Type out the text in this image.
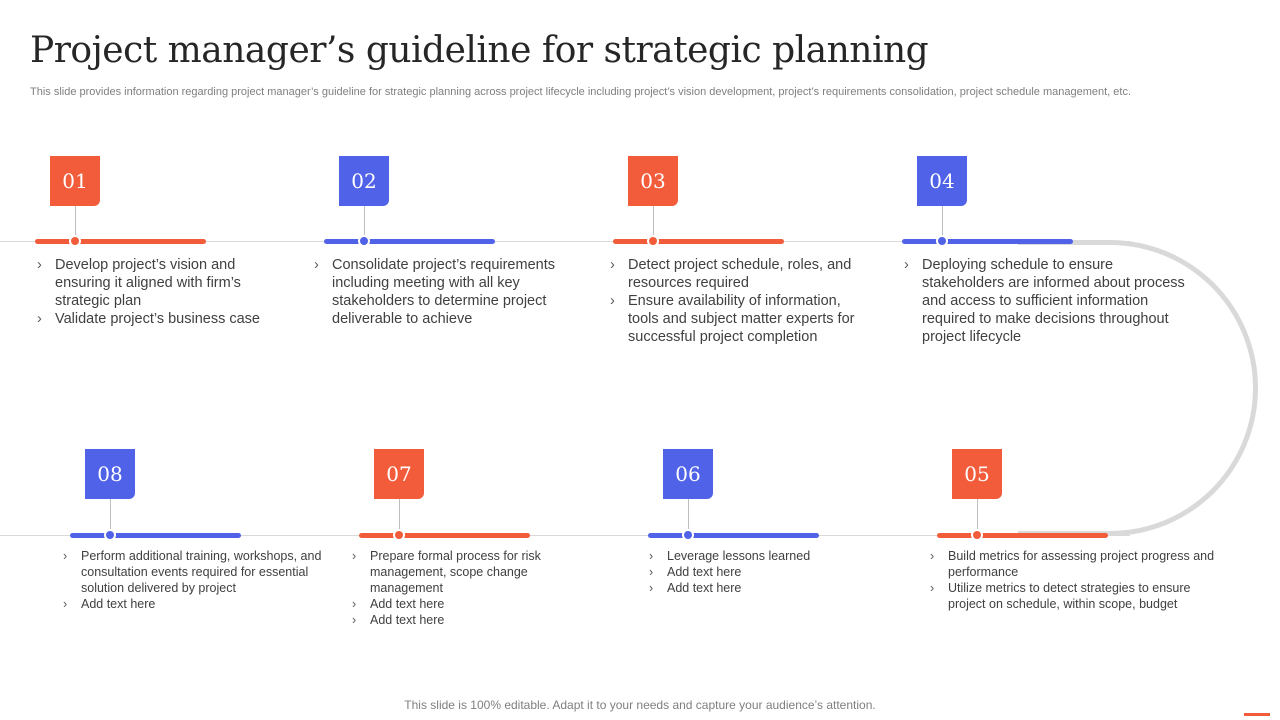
Project manager’s guideline for strategic planning
This slide provides information regarding project manager’s guideline for strategic planning across project lifecycle including project’s vision development, project’s requirements consolidation, project schedule management, etc.
This slide is 100% editable. Adapt it to your needs and capture your audience’s attention.
01
› Develop project’s vision and ensuring it aligned with firm’s strategic plan
› Validate project’s business case
02
› Consolidate project’s requirements including meeting with all key stakeholders to determine project deliverable to achieve
03
› Detect project schedule, roles, and resources required
› Ensure availability of information, tools and subject matter experts for successful project completion
04
› Deploying schedule to ensure stakeholders are informed about process and access to sufficient information required to make decisions throughout project lifecycle
05
› Build metrics for assessing project progress and performance
› Utilize metrics to detect strategies to ensure project on schedule, within scope, budget
06
› Leverage lessons learned
› Add text here
› Add text here
07
› Prepare formal process for risk management, scope change management
› Add text here
› Add text here
08
› Perform additional training, workshops, and consultation events required for essential solution delivered by project
› Add text here
